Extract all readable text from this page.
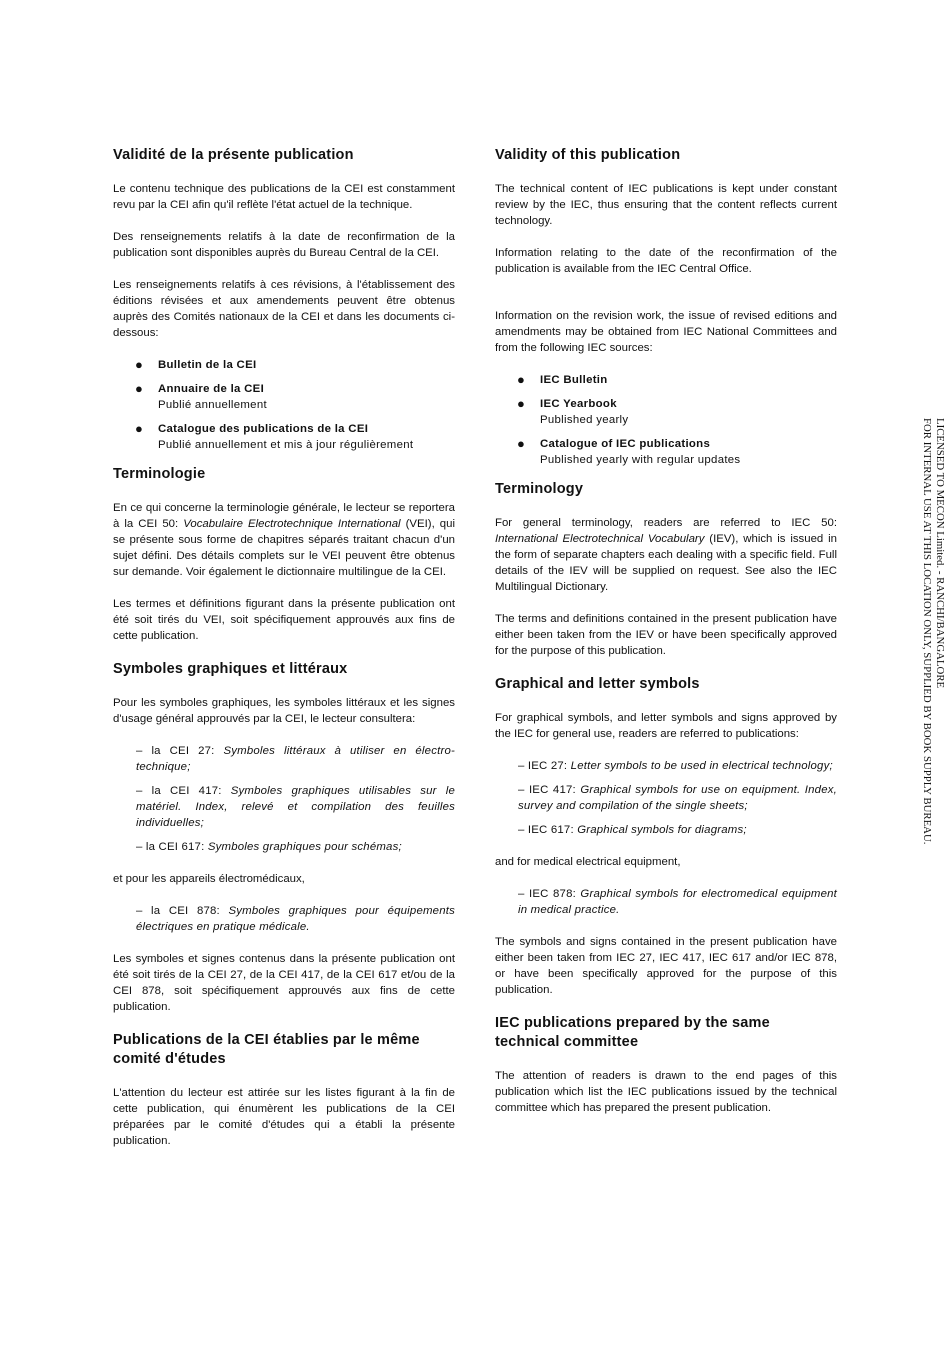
Validité de la présente publication

Le contenu technique des publications de la CEI est constamment revu par la CEI afin qu'il reflète l'état actuel de la technique.

Des renseignements relatifs à la date de reconfirmation de la publication sont disponibles auprès du Bureau Central de la CEI.

Les renseignements relatifs à ces révisions, à l'établissement des éditions révisées et aux amendements peuvent être obtenus auprès des Comités nationaux de la CEI et dans les documents ci-dessous:

● Bulletin de la CEI
● Annuaire de la CEI
Publié annuellement
● Catalogue des publications de la CEI
Publié annuellement et mis à jour régulièrement
Terminologie

En ce qui concerne la terminologie générale, le lecteur se reportera à la CEI 50: Vocabulaire Electrotechnique International (VEI), qui se présente sous forme de chapitres séparés traitant chacun d'un sujet défini. Des détails complets sur le VEI peuvent être obtenus sur demande. Voir également le dictionnaire multilingue de la CEI.

Les termes et définitions figurant dans la présente publication ont été soit tirés du VEI, soit spécifiquement approuvés aux fins de cette publication.

Symboles graphiques et littéraux

Pour les symboles graphiques, les symboles littéraux et les signes d'usage général approuvés par la CEI, le lecteur consultera:

– la CEI 27: Symboles littéraux à utiliser en électro-technique;
– la CEI 417: Symboles graphiques utilisables sur le matériel. Index, relevé et compilation des feuilles individuelles;
– la CEI 617: Symboles graphiques pour schémas;

et pour les appareils électromédicaux,

– la CEI 878: Symboles graphiques pour équipements électriques en pratique médicale.

Les symboles et signes contenus dans la présente publication ont été soit tirés de la CEI 27, de la CEI 417, de la CEI 617 et/ou de la CEI 878, soit spécifiquement approuvés aux fins de cette publication.

Publications de la CEI établies par le même comité d'études

L'attention du lecteur est attirée sur les listes figurant à la fin de cette publication, qui énumèrent les publications de la CEI préparées par le comité d'études qui a établi la présente publication.

Validity of this publication

The technical content of IEC publications is kept under constant review by the IEC, thus ensuring that the content reflects current technology.

Information relating to the date of the reconfirmation of the publication is available from the IEC Central Office.

Information on the revision work, the issue of revised editions and amendments may be obtained from IEC National Committees and from the following IEC sources:

● IEC Bulletin
● IEC Yearbook
Published yearly
● Catalogue of IEC publications
Published yearly with regular updates
Terminology

For general terminology, readers are referred to IEC 50: International Electrotechnical Vocabulary (IEV), which is issued in the form of separate chapters each dealing with a specific field. Full details of the IEV will be supplied on request. See also the IEC Multilingual Dictionary.

The terms and definitions contained in the present publication have either been taken from the IEV or have been specifically approved for the purpose of this publication.

Graphical and letter symbols

For graphical symbols, and letter symbols and signs approved by the IEC for general use, readers are referred to publications:

– IEC 27: Letter symbols to be used in electrical technology;
– IEC 417: Graphical symbols for use on equipment. Index, survey and compilation of the single sheets;
– IEC 617: Graphical symbols for diagrams;

and for medical electrical equipment,

– IEC 878: Graphical symbols for electromedical equipment in medical practice.

The symbols and signs contained in the present publication have either been taken from IEC 27, IEC 417, IEC 617 and/or IEC 878, or have been specifically approved for the purpose of this publication.

IEC publications prepared by the same technical committee

The attention of readers is drawn to the end pages of this publication which list the IEC publications issued by the technical committee which has prepared the present publication.

LICENSED TO MECON Limited. - RANCHI/BANGALORE
FOR INTERNAL USE AT THIS LOCATION ONLY, SUPPLIED BY BOOK SUPPLY BUREAU.
